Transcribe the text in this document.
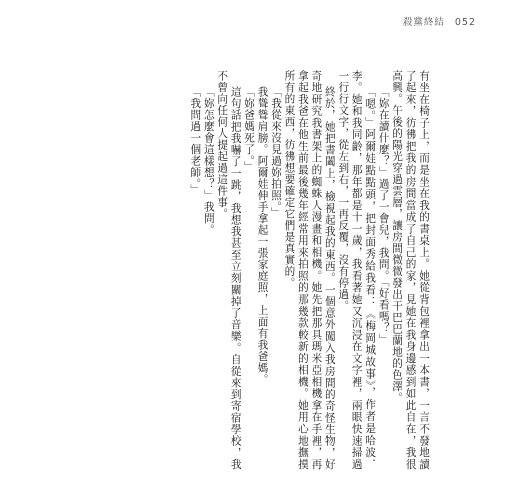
殺黨終結 052

有坐在椅子上，而是坐在我的書桌上。她從背包裡拿出一本書，一言不發地讀了起來，彷彿把我的房間當成了自己的家，見她在我身邊感到如此自在，我很高興。午後的陽光穿過雲層，讓房間微微發出干巴巴蘭地的色澤。

「妳在讀什麼？」過了一會兒，我問。「好看嗎？」

「嗯。」阿爾娃點點頭，把封面秀給我看：《梅岡城故事》，作者是哈波．李。她和我同齡，那年都是十一歲，我看著她又沉浸在文字裡，兩眼快速掃過一行行文字，從左到右，一再反覆，沒有停過。

終於，她把書闔上，檢視起我的東西。一個意外闖入我房間的奇怪生物，好奇地研究我書架上的蜘蛛人漫畫和相機。她先把那具瑪米亞相機拿在手裡，再拿起我爸在他生前最後幾年經常用來拍照的那幾款較新的相機。她用心地撫摸所有的東西，彷彿想要確定它們是真實的。

「我從來沒見過妳拍照。」

我聳聳肩膀。阿爾娃伸手拿起一張家庭照，上面有我爸媽。

「妳爸媽死了。」

這句話把我嚇了一跳，我想我甚至立刻關掉了音樂。自從來到寄宿學校，我不曾向任何人提起過這件事。

「妳怎麼會這樣想？」我問。

「我問過一個老師。」
